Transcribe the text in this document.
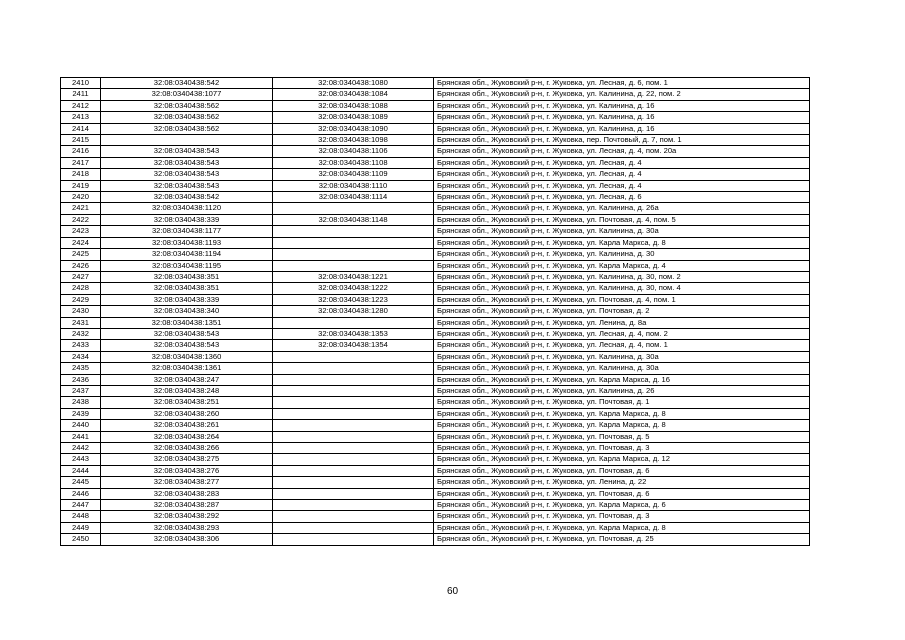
2410	32:08:0340438:542	32:08:0340438:1080	Брянская обл., Жуковский р-н, г. Жуковка, ул. Лесная, д. 6, пом. 1
2411	32:08:0340438:1077	32:08:0340438:1084	Брянская обл., Жуковский р-н, г. Жуковка, ул. Калинина, д. 22, пом. 2
2412	32:08:0340438:562	32:08:0340438:1088	Брянская обл., Жуковский р-н, г. Жуковка, ул. Калинина, д. 16
2413	32:08:0340438:562	32:08:0340438:1089	Брянская обл., Жуковский р-н, г. Жуковка, ул. Калинина, д. 16
2414	32:08:0340438:562	32:08:0340438:1090	Брянская обл., Жуковский р-н, г. Жуковка, ул. Калинина, д. 16
2415		32:08:0340438:1098	Брянская обл., Жуковский р-н, г. Жуковка, пер. Почтовый, д. 7, пом. 1
2416	32:08:0340438:543	32:08:0340438:1106	Брянская обл., Жуковский р-н, г. Жуковка, ул. Лесная, д. 4, пом. 20а
2417	32:08:0340438:543	32:08:0340438:1108	Брянская обл., Жуковский р-н, г. Жуковка, ул. Лесная, д. 4
2418	32:08:0340438:543	32:08:0340438:1109	Брянская обл., Жуковский р-н, г. Жуковка, ул. Лесная, д. 4
2419	32:08:0340438:543	32:08:0340438:1110	Брянская обл., Жуковский р-н, г. Жуковка, ул. Лесная, д. 4
2420	32:08:0340438:542	32:08:0340438:1114	Брянская обл., Жуковский р-н, г. Жуковка, ул. Лесная, д. 6
2421	32:08:0340438:1120		Брянская обл., Жуковский р-н, г. Жуковка, ул. Калинина, д. 26а
2422	32:08:0340438:339	32:08:0340438:1148	Брянская обл., Жуковский р-н, г. Жуковка, ул. Почтовая, д. 4, пом. 5
2423	32:08:0340438:1177		Брянская обл., Жуковский р-н, г. Жуковка, ул. Калинина, д. 30а
2424	32:08:0340438:1193		Брянская обл., Жуковский р-н, г. Жуковка, ул. Карла Маркса, д. 8
2425	32:08:0340438:1194		Брянская обл., Жуковский р-н, г. Жуковка, ул. Калинина, д. 30
2426	32:08:0340438:1195		Брянская обл., Жуковский р-н, г. Жуковка, ул. Карла Маркса, д. 4
2427	32:08:0340438:351	32:08:0340438:1221	Брянская обл., Жуковский р-н, г. Жуковка, ул. Калинина, д. 30, пом. 2
2428	32:08:0340438:351	32:08:0340438:1222	Брянская обл., Жуковский р-н, г. Жуковка, ул. Калинина, д. 30, пом. 4
2429	32:08:0340438:339	32:08:0340438:1223	Брянская обл., Жуковский р-н, г. Жуковка, ул. Почтовая, д. 4, пом. 1
2430	32:08:0340438:340	32:08:0340438:1280	Брянская обл., Жуковский р-н, г. Жуковка, ул. Почтовая, д. 2
2431	32:08:0340438:1351		Брянская обл., Жуковский р-н, г. Жуковка, ул. Ленина, д. 8а
2432	32:08:0340438:543	32:08:0340438:1353	Брянская обл., Жуковский р-н, г. Жуковка, ул. Лесная, д. 4, пом. 2
2433	32:08:0340438:543	32:08:0340438:1354	Брянская обл., Жуковский р-н, г. Жуковка, ул. Лесная, д. 4, пом. 1
2434	32:08:0340438:1360		Брянская обл., Жуковский р-н, г. Жуковка, ул. Калинина, д. 30а
2435	32:08:0340438:1361		Брянская обл., Жуковский р-н, г. Жуковка, ул. Калинина, д. 30а
2436	32:08:0340438:247		Брянская обл., Жуковский р-н, г. Жуковка, ул. Карла Маркса, д. 16
2437	32:08:0340438:248		Брянская обл., Жуковский р-н, г. Жуковка, ул. Калинина, д. 26
2438	32:08:0340438:251		Брянская обл., Жуковский р-н, г. Жуковка, ул. Почтовая, д. 1
2439	32:08:0340438:260		Брянская обл., Жуковский р-н, г. Жуковка, ул. Карла Маркса, д. 8
2440	32:08:0340438:261		Брянская обл., Жуковский р-н, г. Жуковка, ул. Карла Маркса, д. 8
2441	32:08:0340438:264		Брянская обл., Жуковский р-н, г. Жуковка, ул. Почтовая, д. 5
2442	32:08:0340438:266		Брянская обл., Жуковский р-н, г. Жуковка, ул. Почтовая, д. 3
2443	32:08:0340438:275		Брянская обл., Жуковский р-н, г. Жуковка, ул. Карла Маркса, д. 12
2444	32:08:0340438:276		Брянская обл., Жуковский р-н, г. Жуковка, ул. Почтовая, д. 6
2445	32:08:0340438:277		Брянская обл., Жуковский р-н, г. Жуковка, ул. Ленина, д. 22
2446	32:08:0340438:283		Брянская обл., Жуковский р-н, г. Жуковка, ул. Почтовая, д. 6
2447	32:08:0340438:287		Брянская обл., Жуковский р-н, г. Жуковка, ул. Карла Маркса, д. 6
2448	32:08:0340438:292		Брянская обл., Жуковский р-н, г. Жуковка, ул. Почтовая, д. 3
2449	32:08:0340438:293		Брянская обл., Жуковский р-н, г. Жуковка, ул. Карла Маркса, д. 8
2450	32:08:0340438:306		Брянская обл., Жуковский р-н, г. Жуковка, ул. Почтовая, д. 25
60
